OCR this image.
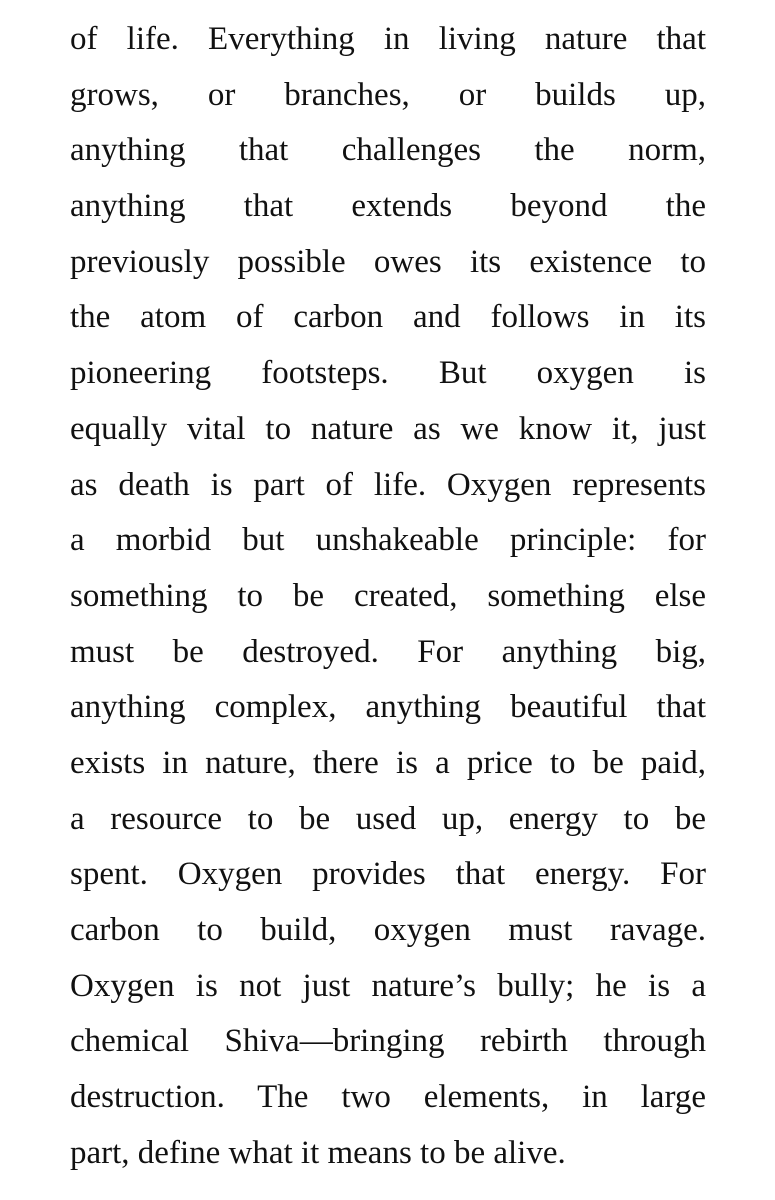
of life. Everything in living nature that
grows, or branches, or builds up,
anything that challenges the norm,
anything that extends beyond the
previously possible owes its existence to
the atom of carbon and follows in its
pioneering footsteps. But oxygen is
equally vital to nature as we know it, just
as death is part of life. Oxygen represents
a morbid but unshakeable principle: for
something to be created, something else
must be destroyed. For anything big,
anything complex, anything beautiful that
exists in nature, there is a price to be paid,
a resource to be used up, energy to be
spent. Oxygen provides that energy. For
carbon to build, oxygen must ravage.
Oxygen is not just nature’s bully; he is a
chemical Shiva—bringing rebirth through
destruction. The two elements, in large
part, define what it means to be alive.
